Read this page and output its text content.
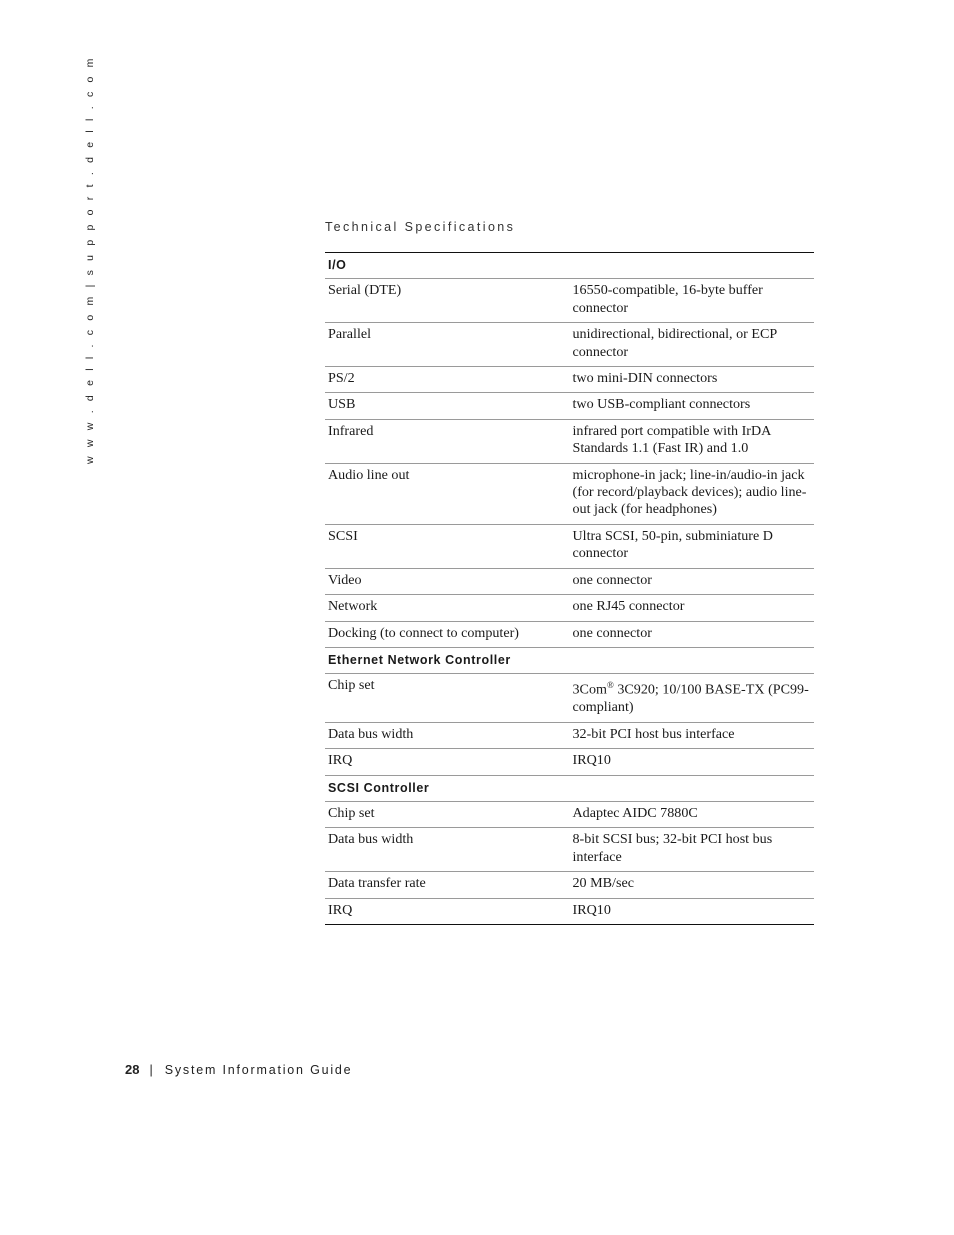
w w w . d e l l . c o m | s u p p o r t . d e l l . c o m	Technical Specifications
I/O	
Serial (DTE)	16550-compatible, 16-byte buffer connector
Parallel	unidirectional, bidirectional, or ECP connector
PS/2	two mini-DIN connectors
USB	two USB-compliant connectors
Infrared	infrared port compatible with IrDA Standards 1.1 (Fast IR) and 1.0
Audio line out	microphone-in jack; line-in/audio-in jack (for record/playback devices); audio line-out jack (for headphones)
SCSI	Ultra SCSI, 50-pin, subminiature D connector
Video	one connector
Network	one RJ45 connector
Docking (to connect to computer)	one connector
Ethernet Network Controller	
Chip set	3Com® 3C920; 10/100 BASE-TX (PC99-compliant)
Data bus width	32-bit PCI host bus interface
IRQ	IRQ10
SCSI Controller	
Chip set	Adaptec AIDC 7880C
Data bus width	8-bit SCSI bus; 32-bit PCI host bus interface
Data transfer rate	20 MB/sec
IRQ	IRQ10
28 | System Information Guide
